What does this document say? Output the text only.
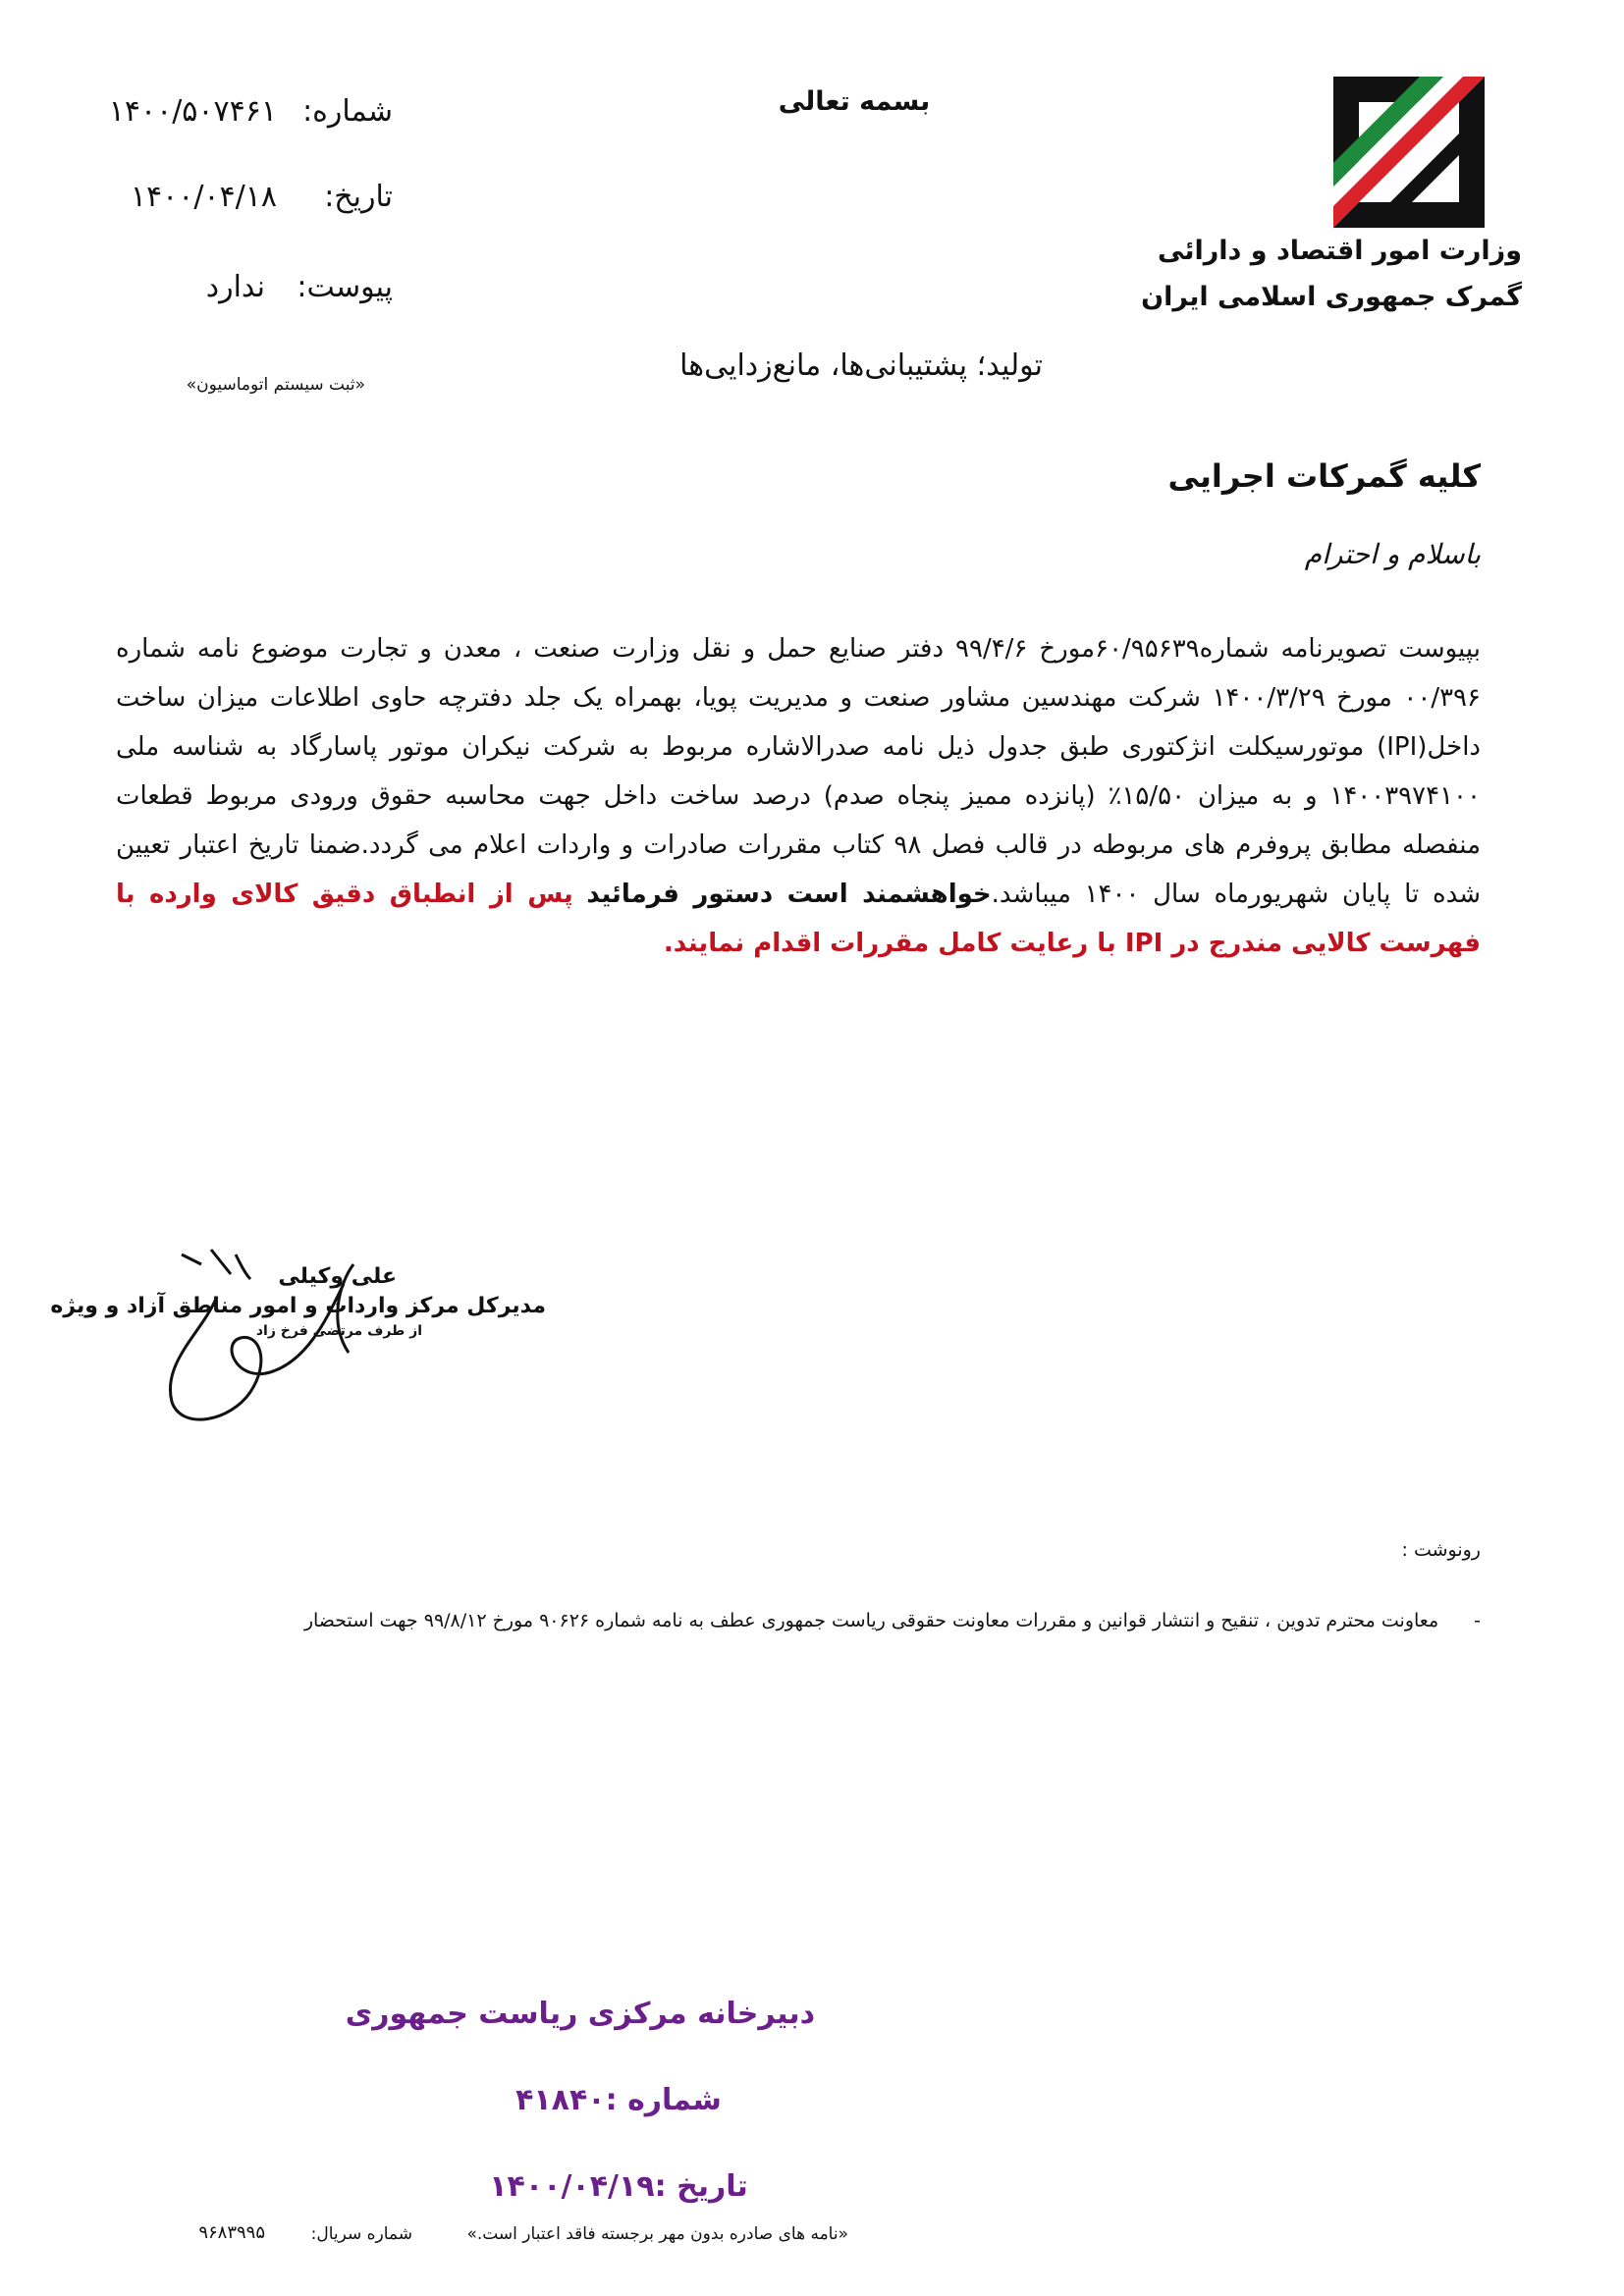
وزارت امور اقتصاد و دارائی
گمرک جمهوری اسلامی ایران
بسمه تعالی
شماره:
۱۴۰۰/۵۰۷۴۶۱
تاریخ:
۱۴۰۰/۰۴/۱۸
پیوست:
ندارد
«ثبت سیستم اتوماسیون»
تولید؛ پشتیبانی‌ها، مانع‌زدایی‌ها
کلیه گمرکات اجرایی
باسلام و احترام
بپیوست تصویرنامه شماره۶۰/۹۵۶۳۹مورخ ۹۹/۴/۶ دفتر صنایع حمل و نقل وزارت صنعت ، معدن و تجارت موضوع نامه شماره ۰۰/۳۹۶ مورخ ۱۴۰۰/۳/۲۹ شرکت مهندسین مشاور صنعت و مدیریت پویا، بهمراه یک جلد دفترچه حاوی اطلاعات میزان ساخت داخل(IPI) موتورسیکلت انژکتوری طبق جدول ذیل نامه صدرالاشاره مربوط به شرکت نیکران موتور پاسارگاد به شناسه ملی ۱۴۰۰۳۹۷۴۱۰۰ و به میزان ۱۵/۵۰٪ (پانزده ممیز پنجاه صدم) درصد ساخت داخل جهت محاسبه حقوق ورودی مربوط قطعات منفصله مطابق پروفرم های مربوطه در قالب فصل ۹۸ کتاب مقررات صادرات و واردات اعلام می گردد.ضمنا تاریخ اعتبار تعیین شده تا پایان شهریورماه سال ۱۴۰۰ میباشد.خواهشمند است دستور فرمائید پس از انطباق دقیق کالای وارده با فهرست کالایی مندرج در IPI با رعایت کامل مقررات اقدام نمایند.
علی وکیلی
مدیرکل مرکز واردات و امور مناطق آزاد و ویژه
از طرف مرتضی فرخ زاد
رونوشت :
-معاونت محترم تدوین ، تنقیح و انتشار قوانین و مقررات معاونت حقوقی ریاست جمهوری عطف به نامه شماره ۹۰۶۲۶ مورخ ۹۹/۸/۱۲ جهت استحضار
دبیرخانه مرکزی ریاست جمهوری
شماره :۴۱۸۴۰
تاریخ :۱۴۰۰/۰۴/۱۹
«نامه های صادره بدون مهر برجسته فاقد اعتبار است.»
شماره سریال:
۹۶۸۳۹۹۵
